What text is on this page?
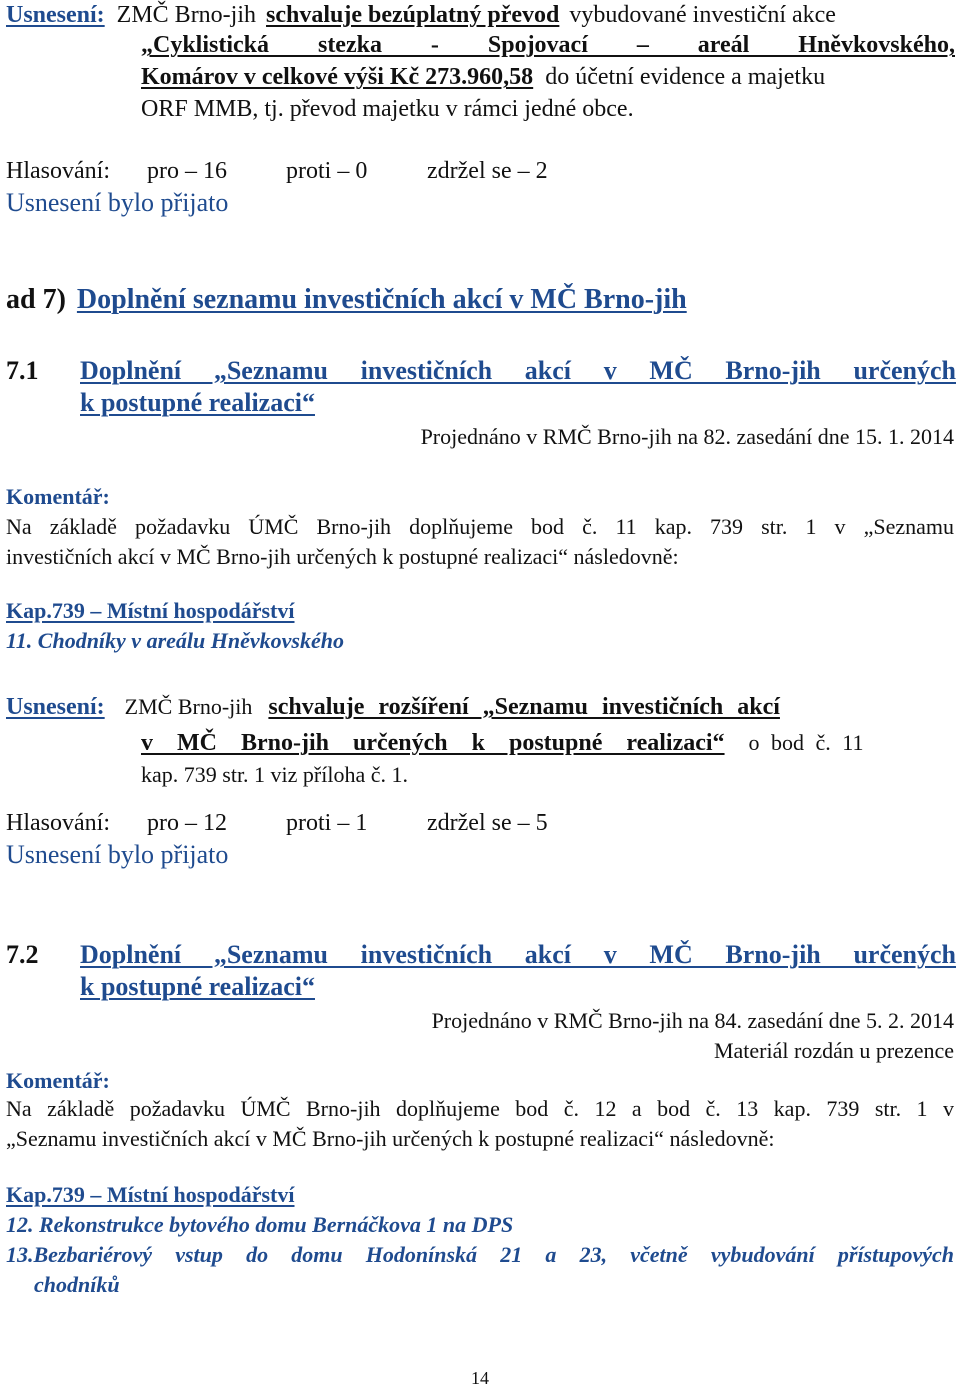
Usnesení: ZMČ Brno-jih schvaluje bezúplatný převod vybudované investiční akce
„Cyklistická stezka - Spojovací – areál Hněvkovského,
Komárov v celkové výši Kč 273.960,58 do účetní evidence a majetku
ORF MMB, tj. převod majetku v rámci jedné obce.
Hlasování: pro – 16 proti – 0 zdržel se – 2
Usnesení bylo přijato
ad 7) Doplnění seznamu investičních akcí v MČ Brno-jih
7.1 Doplnění „Seznamu investičních akcí v MČ Brno-jih určených
k postupné realizaci“
Projednáno v RMČ Brno-jih na 82. zasedání dne 15. 1. 2014
Komentář:
Na základě požadavku ÚMČ Brno-jih doplňujeme bod č. 11 kap. 739 str. 1 v „Seznamu
investičních akcí v MČ Brno-jih určených k postupné realizaci“ následovně:
Kap.739 – Místní hospodářství
11. Chodníky v areálu Hněvkovského
Usnesení: ZMČ Brno-jih schvaluje rozšíření „Seznamu investičních akcí
v MČ Brno-jih určených k postupné realizaci“ o bod č. 11
kap. 739 str. 1 viz příloha č. 1.
Hlasování: pro – 12 proti – 1 zdržel se – 5
Usnesení bylo přijato
7.2 Doplnění „Seznamu investičních akcí v MČ Brno-jih určených
k postupné realizaci“
Projednáno v RMČ Brno-jih na 84. zasedání dne 5. 2. 2014
Materiál rozdán u prezence
Komentář:
Na základě požadavku ÚMČ Brno-jih doplňujeme bod č. 12 a bod č. 13 kap. 739 str. 1 v
„Seznamu investičních akcí v MČ Brno-jih určených k postupné realizaci“ následovně:
Kap.739 – Místní hospodářství
12. Rekonstrukce bytového domu Bernáčkova 1 na DPS
13.Bezbariérový vstup do domu Hodonínská 21 a 23, včetně vybudování přístupových
chodníků
14
